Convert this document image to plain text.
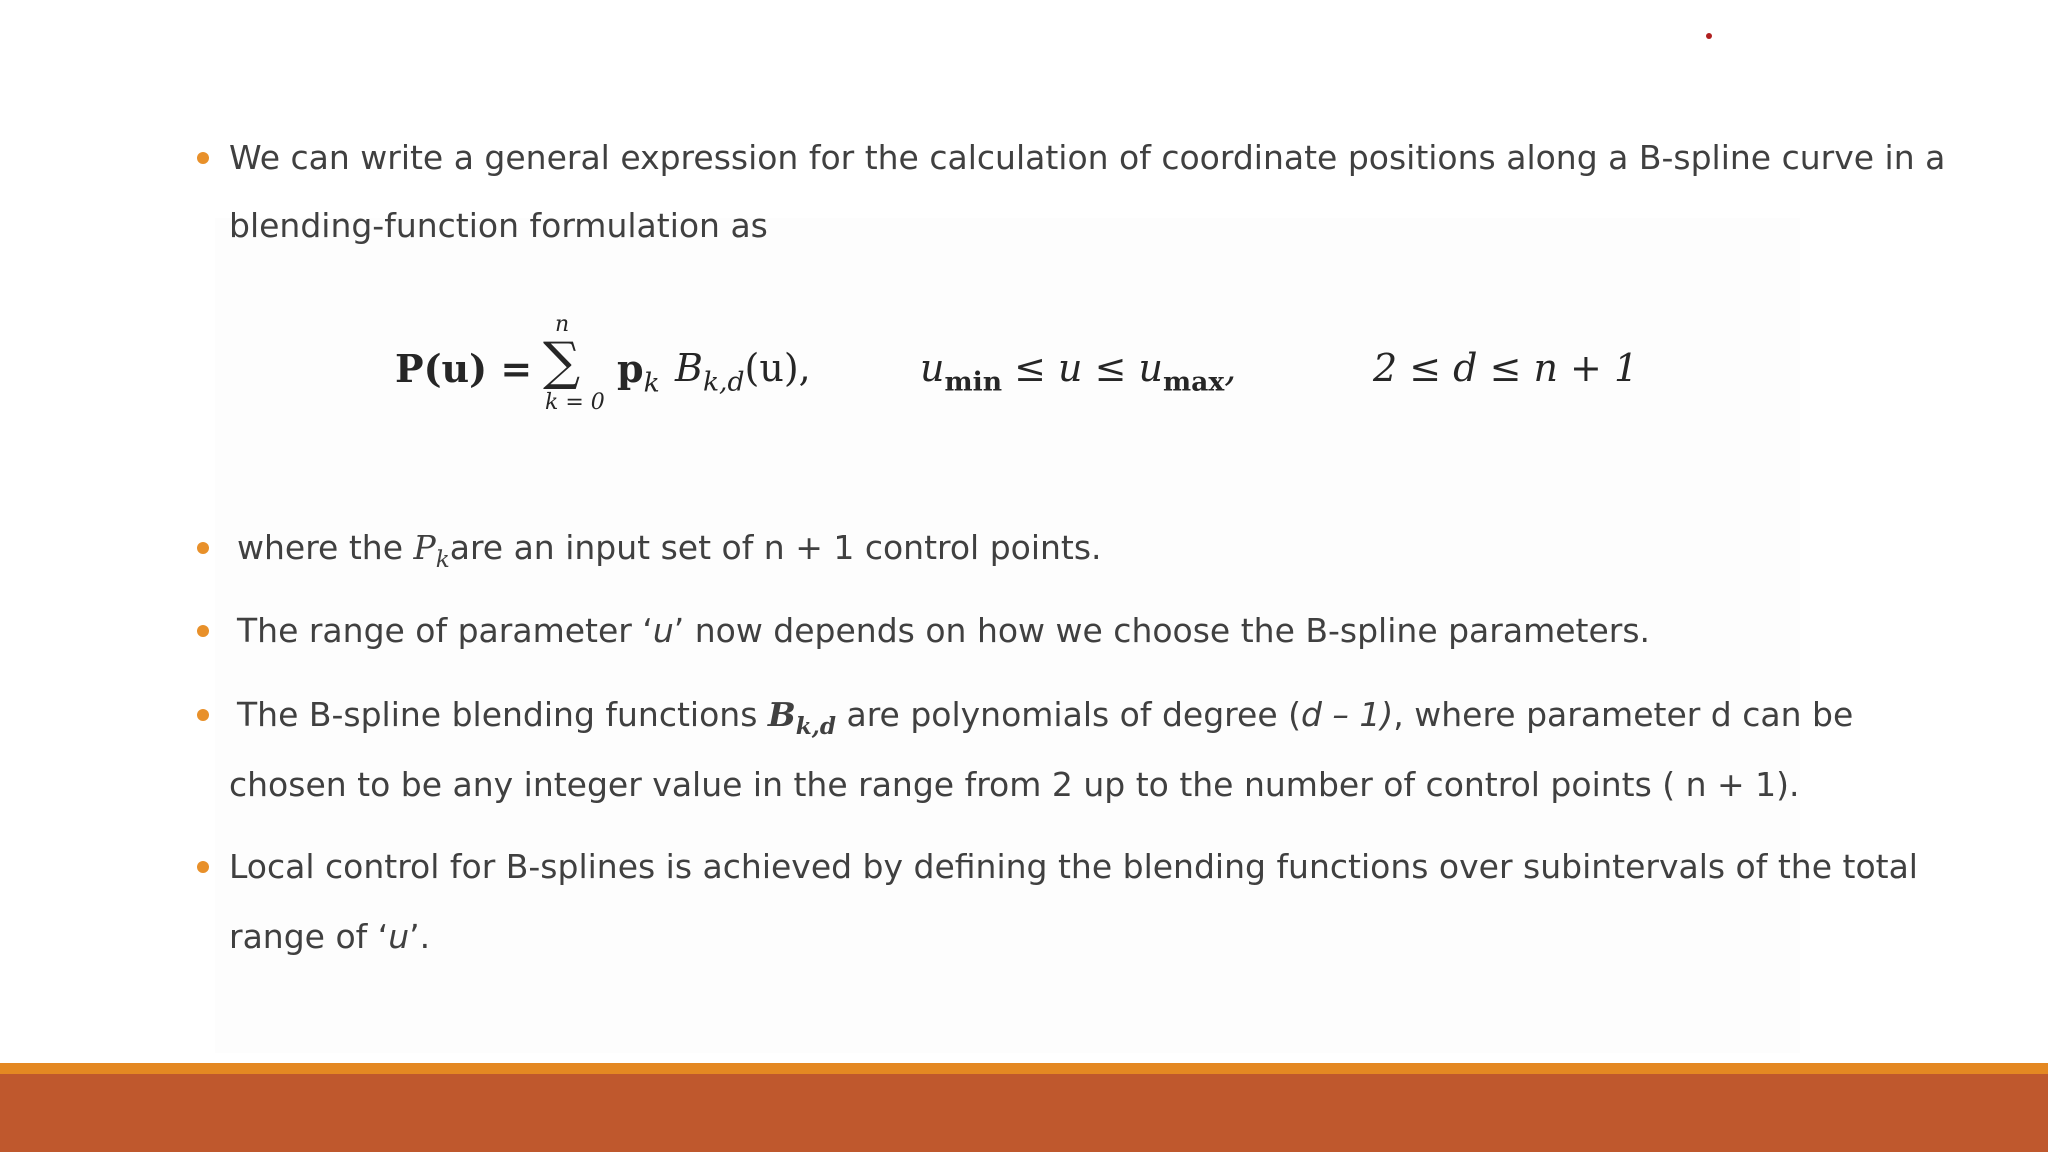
We can write a general expression for the calculation of coordinate positions along a B-spline curve in a
blending-function formulation as
P(u) =
n
∑
k = 0
$p_k$ $B_{k,d}(u)$,	$u_{min} \le u \le u_{max}$,	2 ≤ d ≤ n + 1
where the $P_kare$ an input set of n + 1 control points.
The range of parameter ‘u’ now depends on how we choose the B-spline parameters.
The B-spline blending functions $B_{k,d}$ are polynomials of degree (d – 1), where parameter d can be
chosen to be any integer value in the range from 2 up to the number of control points ( n + 1).
Local control for B-splines is achieved by defining the blending functions over subintervals of the total
range of ‘u’.
